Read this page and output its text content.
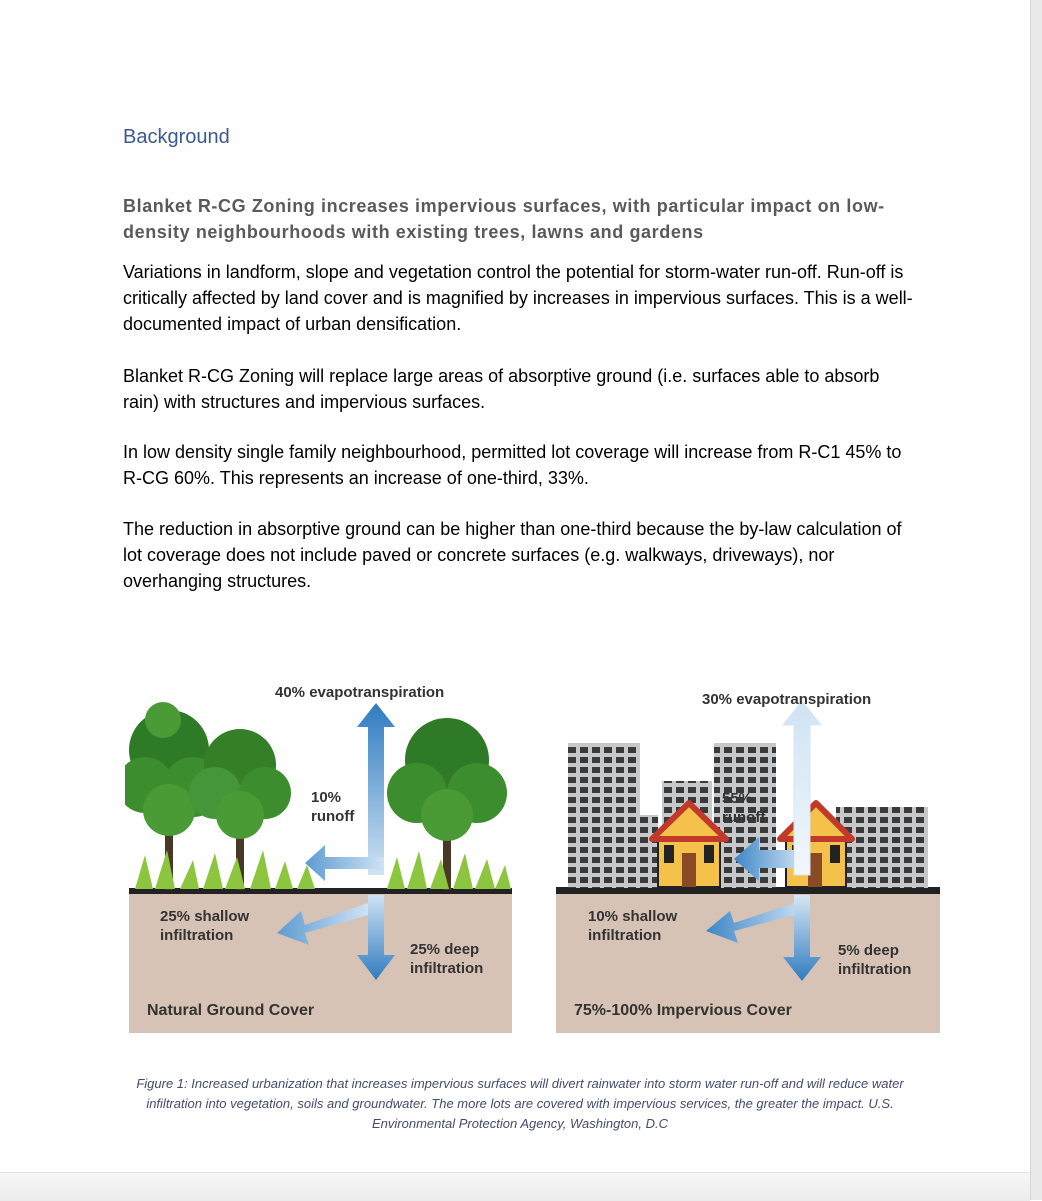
Background
Blanket R-CG Zoning increases impervious surfaces, with particular impact on low-density neighbourhoods with existing trees, lawns and gardens
Variations in landform, slope and vegetation control the potential for storm-water run-off. Run-off is critically affected by land cover and is magnified by increases in impervious surfaces. This is a well-documented impact of urban densification.
Blanket R-CG Zoning will replace large areas of absorptive ground (i.e. surfaces able to absorb rain) with structures and impervious surfaces.
In low density single family neighbourhood, permitted lot coverage will increase from R-C1 45% to R-CG 60%. This represents an increase of one-third, 33%.
The reduction in absorptive ground can be higher than one-third because the by-law calculation of lot coverage does not include paved or concrete surfaces (e.g. walkways, driveways), nor overhanging structures.
40% evapotranspiration
10%
runoff
25% shallow
infiltration
25% deep
infiltration
Natural Ground Cover
30% evapotranspiration
55%
runoff
10% shallow
infiltration
5% deep
infiltration
75%-100% Impervious Cover
Figure 1: Increased urbanization that increases impervious surfaces will divert rainwater into storm water run-off and will reduce water infiltration into vegetation, soils and groundwater. The more lots are covered with impervious services, the greater the impact. U.S. Environmental Protection Agency, Washington, D.C
